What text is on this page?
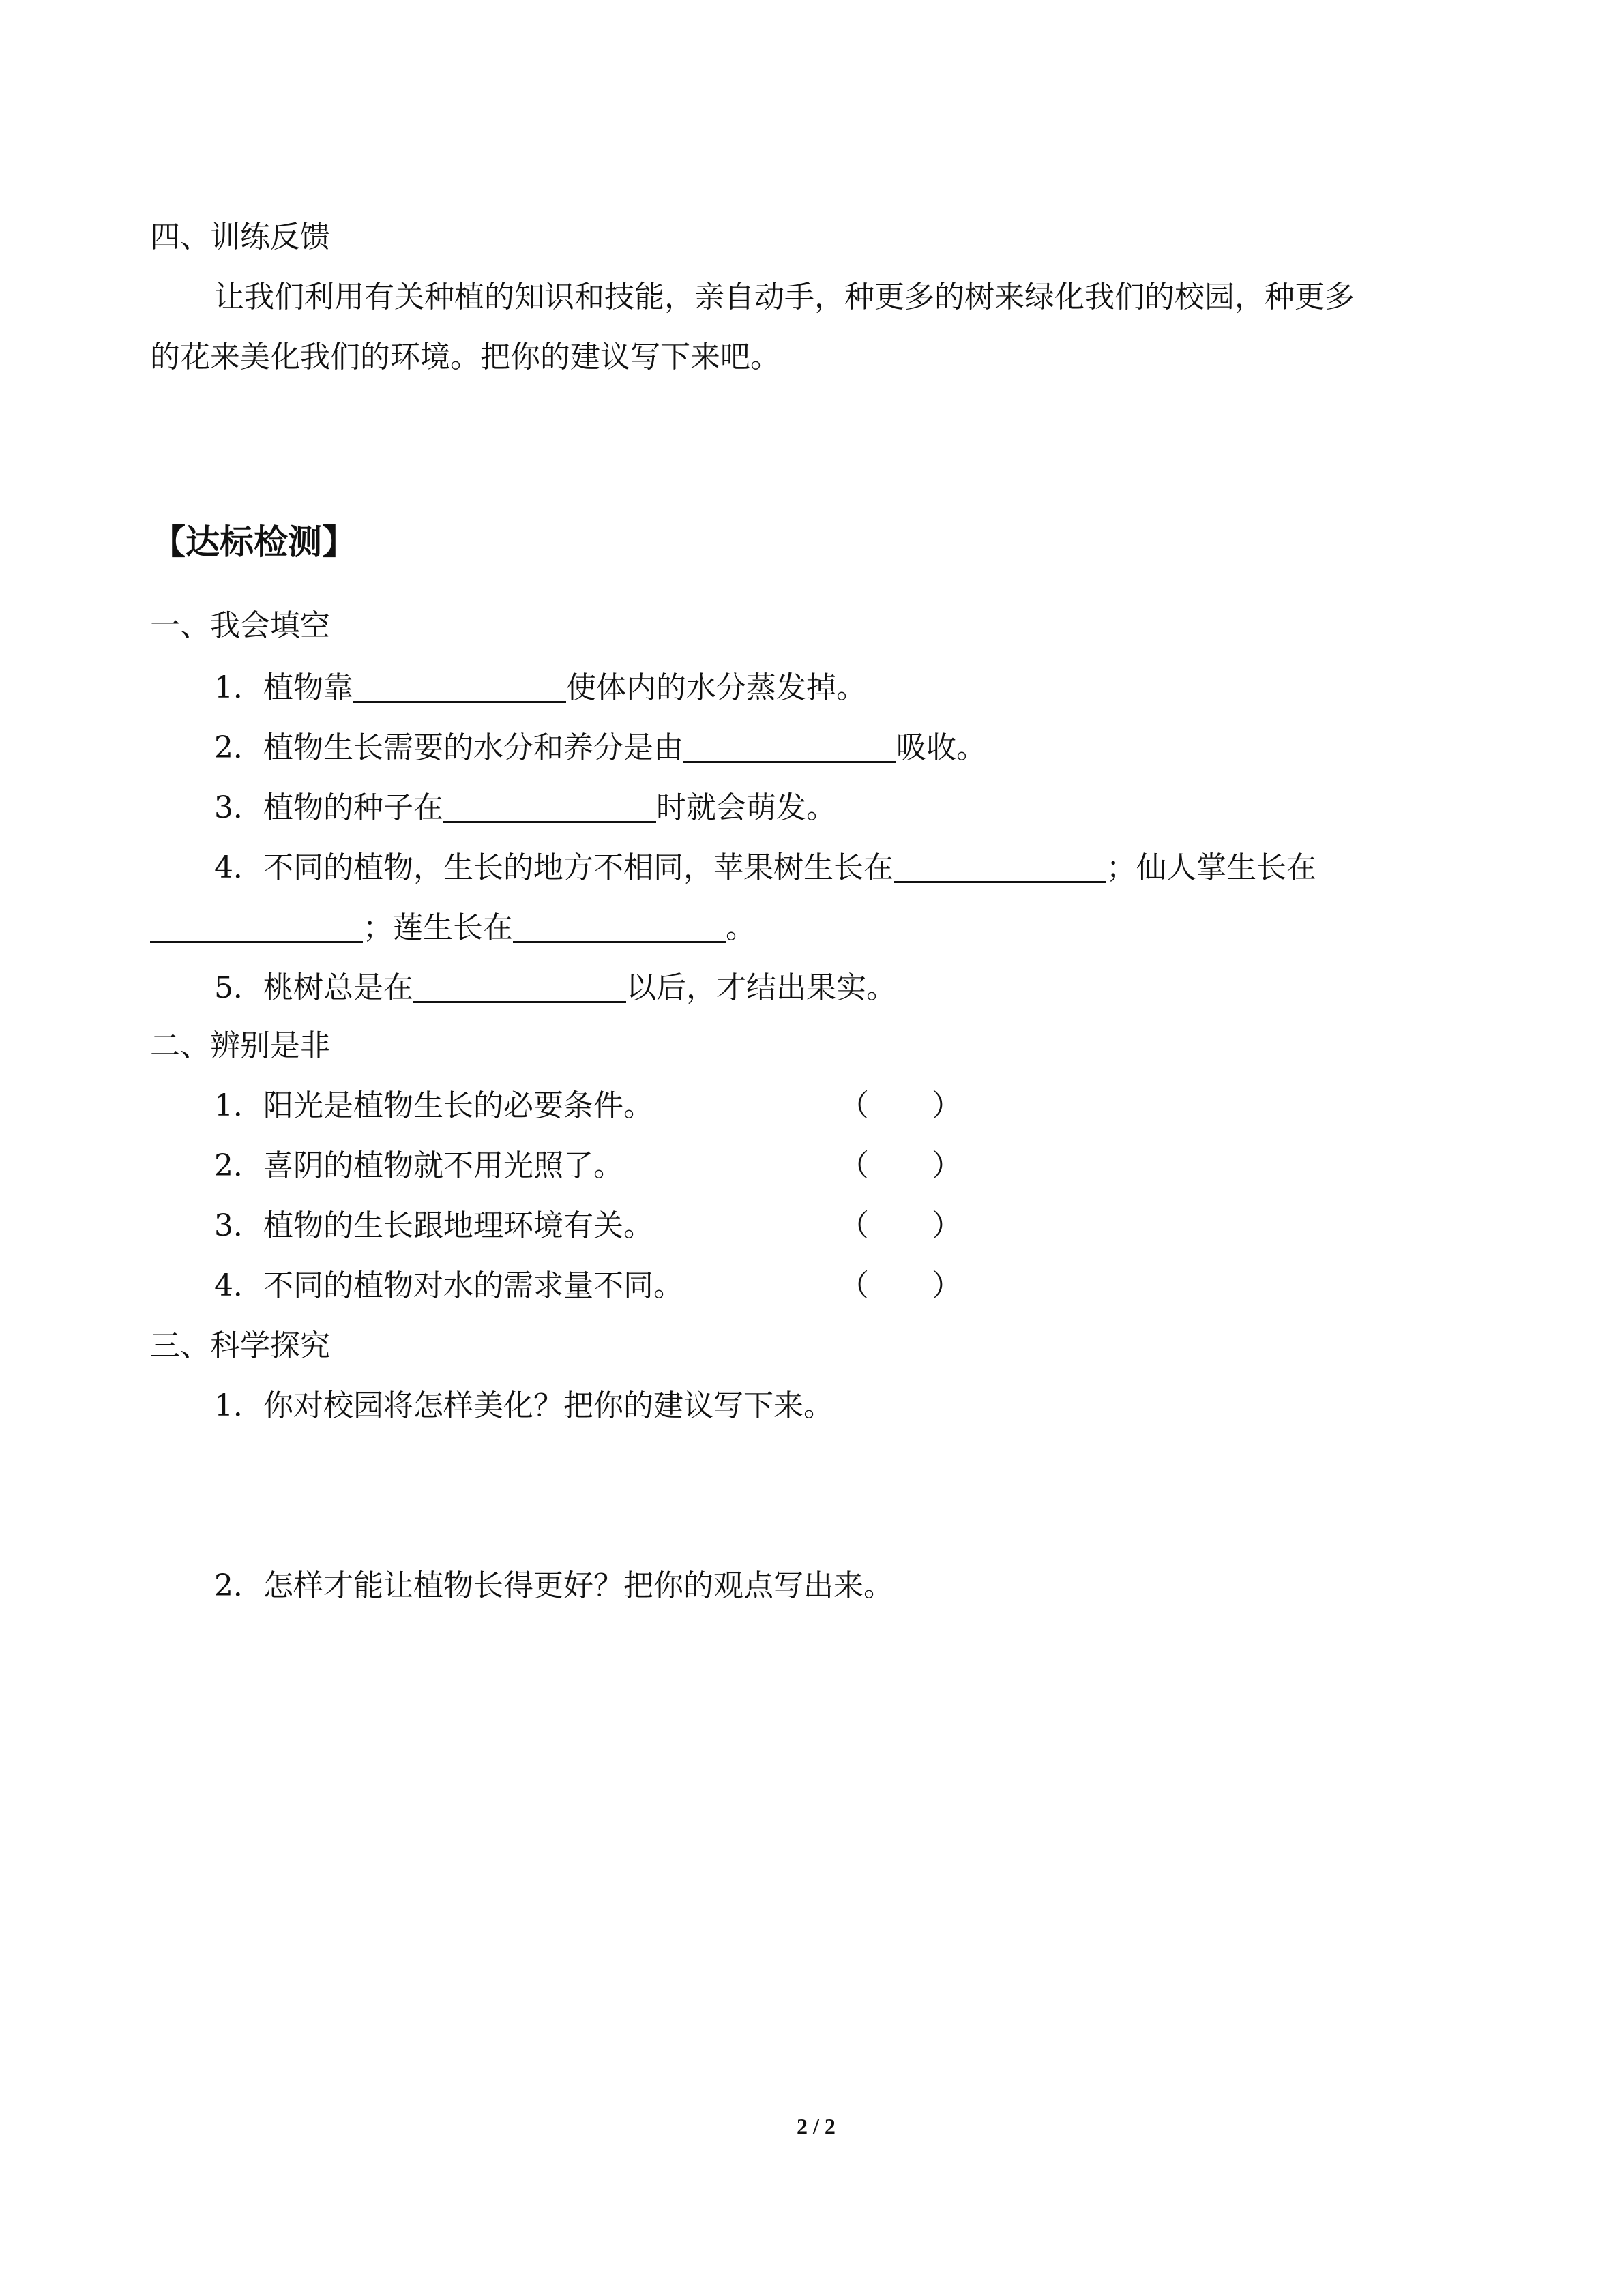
四、训练反馈
让我们利用有关种植的知识和技能，亲自动手，种更多的树来绿化我们的校园，种更多
的花来美化我们的环境。把你的建议写下来吧。
【达标检测】
一、我会填空
1．植物靠	使体内的水分蒸发掉。
2．植物生长需要的水分和养分是由	吸收。
3．植物的种子在	时就会萌发。
4．不同的植物，生长的地方不相同，苹果树生长在	；仙人掌生长在
；莲生长在	。
5．桃树总是在	以后，才结出果实。
二、辨别是非
1．阳光是植物生长的必要条件。	（ ）
2．喜阴的植物就不用光照了。	（ ）
3．植物的生长跟地理环境有关。	（ ）
4．不同的植物对水的需求量不同。	（ ）
三、科学探究
1．你对校园将怎样美化？把你的建议写下来。
2．怎样才能让植物长得更好？把你的观点写出来。
2 / 2
